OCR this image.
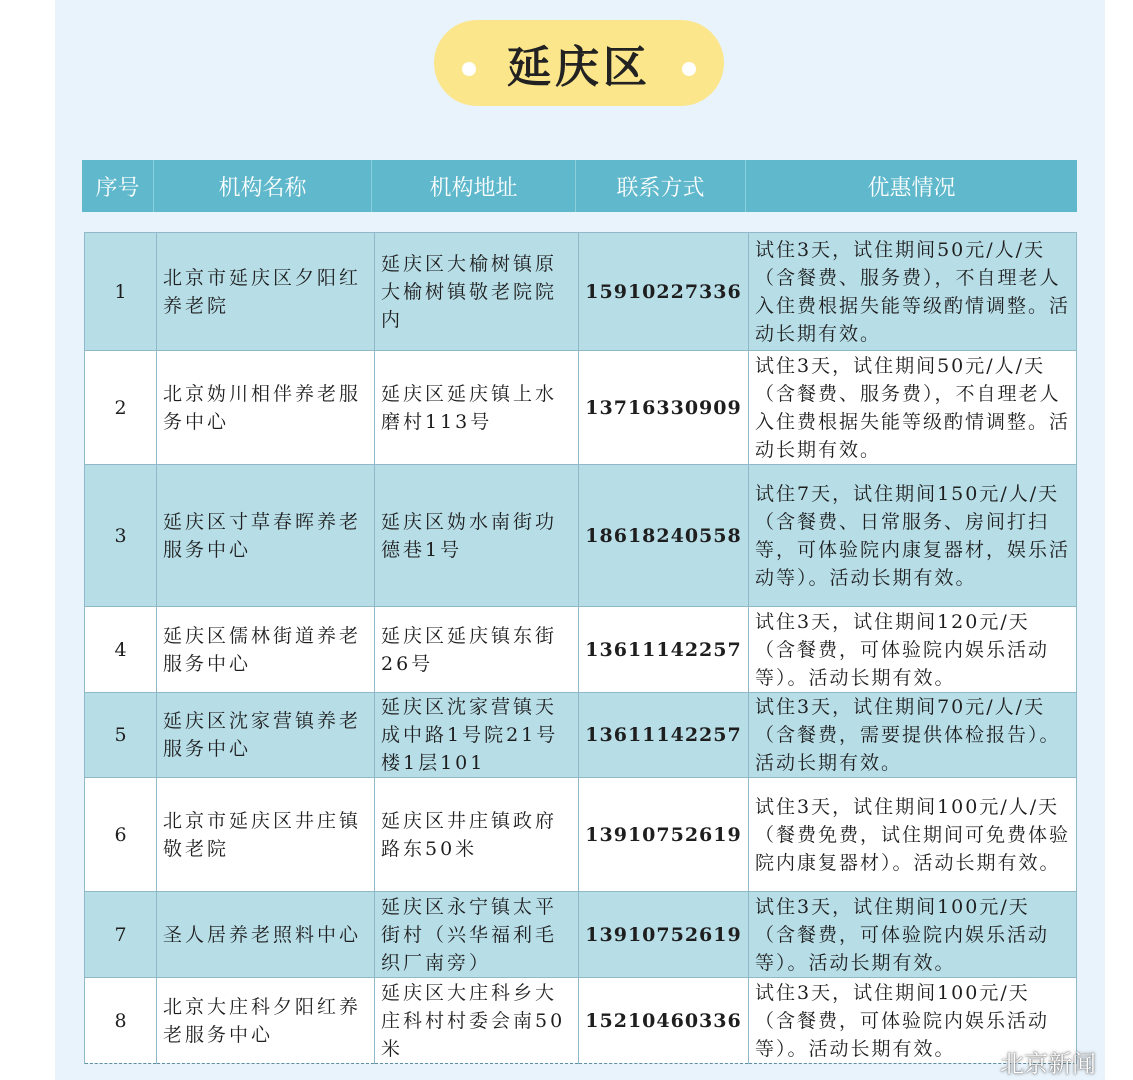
延庆区
序号	机构名称	机构地址	联系方式	优惠情况
1	北京市延庆区夕阳红养老院	延庆区大榆树镇原大榆树镇敬老院院内	15910227336	试住3天，试住期间50元/人/天（含餐费、服务费），不自理老人入住费根据失能等级酌情调整。活动长期有效。
2	北京妫川相伴养老服务中心	延庆区延庆镇上水磨村113号	13716330909	试住3天，试住期间50元/人/天（含餐费、服务费），不自理老人入住费根据失能等级酌情调整。活动长期有效。
3	延庆区寸草春晖养老服务中心	延庆区妫水南街功德巷1号	18618240558	试住7天，试住期间150元/人/天（含餐费、日常服务、房间打扫等，可体验院内康复器材，娱乐活动等）。活动长期有效。
4	延庆区儒林街道养老服务中心	延庆区延庆镇东街26号	13611142257	试住3天，试住期间120元/天（含餐费，可体验院内娱乐活动等）。活动长期有效。
5	延庆区沈家营镇养老服务中心	延庆区沈家营镇天成中路1号院21号楼1层101	13611142257	试住3天，试住期间70元/人/天（含餐费，需要提供体检报告）。活动长期有效。
6	北京市延庆区井庄镇敬老院	延庆区井庄镇政府路东50米	13910752619	试住3天，试住期间100元/人/天（餐费免费，试住期间可免费体验院内康复器材）。活动长期有效。
7	圣人居养老照料中心	延庆区永宁镇太平街村（兴华福利毛织厂南旁）	13910752619	试住3天，试住期间100元/天（含餐费，可体验院内娱乐活动等）。活动长期有效。
8	北京大庄科夕阳红养老服务中心	延庆区大庄科乡大庄科村村委会南50米	15210460336	试住3天，试住期间100元/天（含餐费，可体验院内娱乐活动等）。活动长期有效。
北京新闻
